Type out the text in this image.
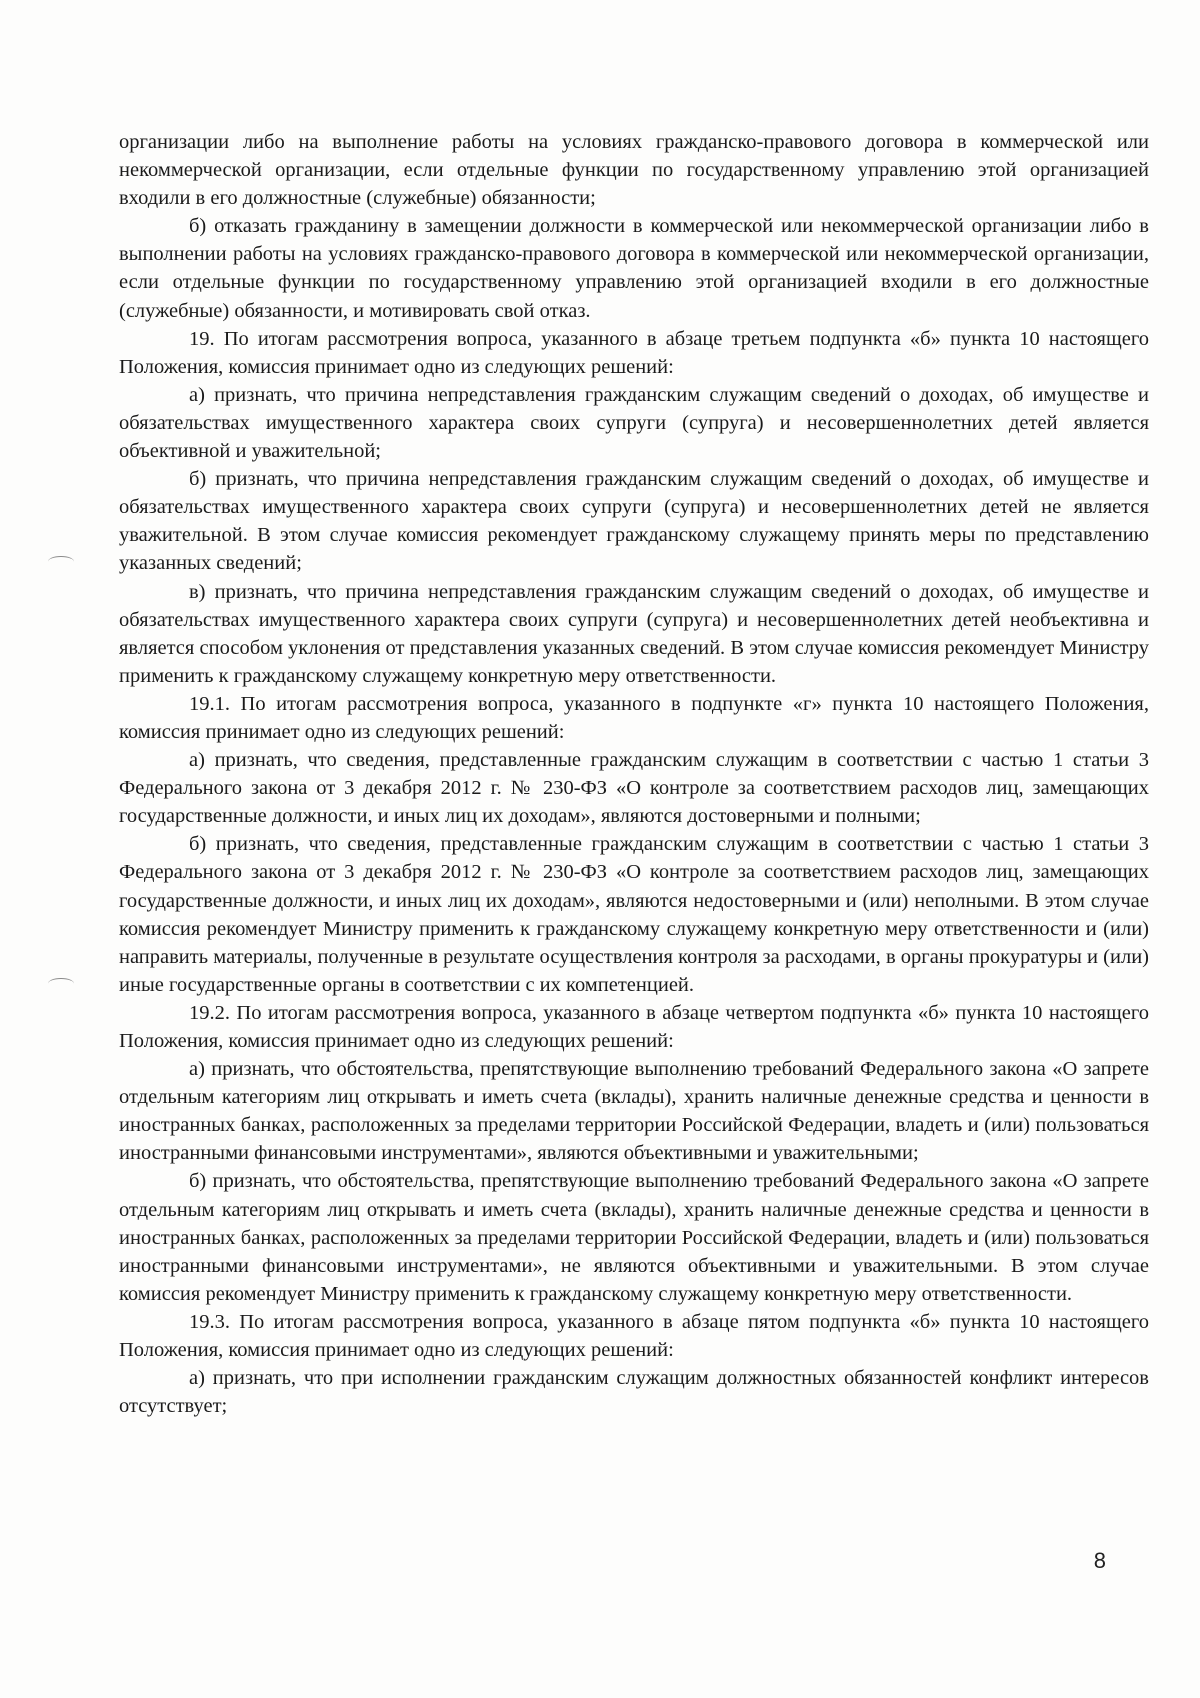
организации либо на выполнение работы на условиях гражданско-правового договора в коммерческой или некоммерческой организации, если отдельные функции по государственному управлению этой организацией входили в его должностные (служебные) обязанности;

б) отказать гражданину в замещении должности в коммерческой или некоммерческой организации либо в выполнении работы на условиях гражданско-правового договора в коммерческой или некоммерческой организации, если отдельные функции по государственному управлению этой организацией входили в его должностные (служебные) обязанности, и мотивировать свой отказ.

19. По итогам рассмотрения вопроса, указанного в абзаце третьем подпункта «б» пункта 10 настоящего Положения, комиссия принимает одно из следующих решений:

а) признать, что причина непредставления гражданским служащим сведений о доходах, об имуществе и обязательствах имущественного характера своих супруги (супруга) и несовершеннолетних детей является объективной и уважительной;

б) признать, что причина непредставления гражданским служащим сведений о доходах, об имуществе и обязательствах имущественного характера своих супруги (супруга) и несовершеннолетних детей не является уважительной. В этом случае комиссия рекомендует гражданскому служащему принять меры по представлению указанных сведений;

в) признать, что причина непредставления гражданским служащим сведений о доходах, об имуществе и обязательствах имущественного характера своих супруги (супруга) и несовершеннолетних детей необъективна и является способом уклонения от представления указанных сведений. В этом случае комиссия рекомендует Министру применить к гражданскому служащему конкретную меру ответственности.

19.1. По итогам рассмотрения вопроса, указанного в подпункте «г» пункта 10 настоящего Положения, комиссия принимает одно из следующих решений:

а) признать, что сведения, представленные гражданским служащим в соответствии с частью 1 статьи 3 Федерального закона от 3 декабря 2012 г. № 230-ФЗ «О контроле за соответствием расходов лиц, замещающих государственные должности, и иных лиц их доходам», являются достоверными и полными;

б) признать, что сведения, представленные гражданским служащим в соответствии с частью 1 статьи 3 Федерального закона от 3 декабря 2012 г. № 230-ФЗ «О контроле за соответствием расходов лиц, замещающих государственные должности, и иных лиц их доходам», являются недостоверными и (или) неполными. В этом случае комиссия рекомендует Министру применить к гражданскому служащему конкретную меру ответственности и (или) направить материалы, полученные в результате осуществления контроля за расходами, в органы прокуратуры и (или) иные государственные органы в соответствии с их компетенцией.

19.2. По итогам рассмотрения вопроса, указанного в абзаце четвертом подпункта «б» пункта 10 настоящего Положения, комиссия принимает одно из следующих решений:

а) признать, что обстоятельства, препятствующие выполнению требований Федерального закона «О запрете отдельным категориям лиц открывать и иметь счета (вклады), хранить наличные денежные средства и ценности в иностранных банках, расположенных за пределами территории Российской Федерации, владеть и (или) пользоваться иностранными финансовыми инструментами», являются объективными и уважительными;

б) признать, что обстоятельства, препятствующие выполнению требований Федерального закона «О запрете отдельным категориям лиц открывать и иметь счета (вклады), хранить наличные денежные средства и ценности в иностранных банках, расположенных за пределами территории Российской Федерации, владеть и (или) пользоваться иностранными финансовыми инструментами», не являются объективными и уважительными. В этом случае комиссия рекомендует Министру применить к гражданскому служащему конкретную меру ответственности.

19.3. По итогам рассмотрения вопроса, указанного в абзаце пятом подпункта «б» пункта 10 настоящего Положения, комиссия принимает одно из следующих решений:

а) признать, что при исполнении гражданским служащим должностных обязанностей конфликт интересов отсутствует;

8
